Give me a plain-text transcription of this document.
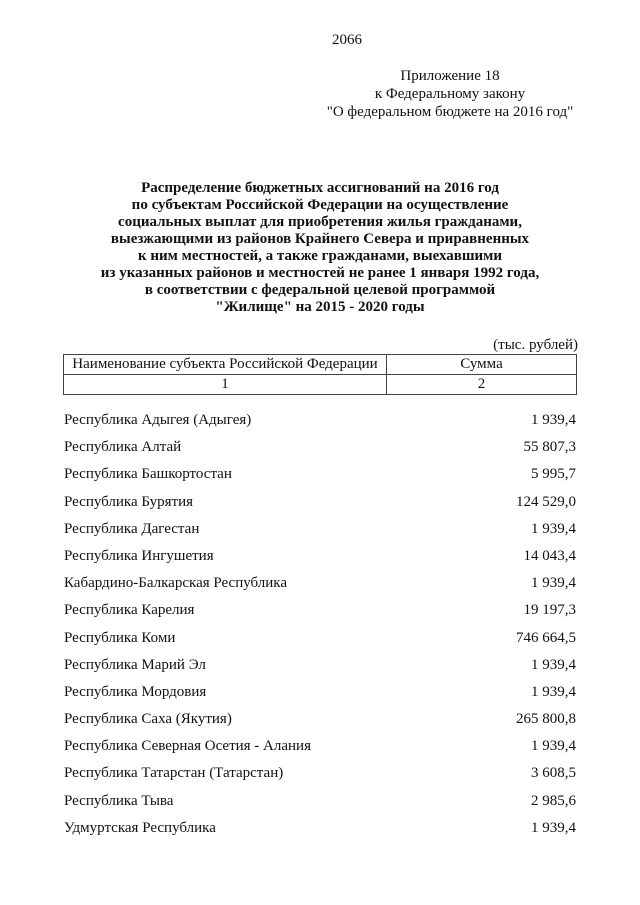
2066
Приложение 18
к Федеральному закону
"О федеральном бюджете на 2016 год"
Распределение бюджетных ассигнований на 2016 год
по субъектам Российской Федерации на осуществление
социальных выплат для приобретения жилья гражданами,
выезжающими из районов Крайнего Севера и приравненных
к ним местностей, а также гражданами, выехавшими
из указанных районов и местностей не ранее 1 января 1992 года,
в соответствии с федеральной целевой программой
"Жилище" на 2015 - 2020 годы
(тыс. рублей)
Наименование субъекта Российской Федерации	Сумма
1	2
Республика Адыгея (Адыгея)	1 939,4
Республика Алтай	55 807,3
Республика Башкортостан	5 995,7
Республика Бурятия	124 529,0
Республика Дагестан	1 939,4
Республика Ингушетия	14 043,4
Кабардино-Балкарская Республика	1 939,4
Республика Карелия	19 197,3
Республика Коми	746 664,5
Республика Марий Эл	1 939,4
Республика Мордовия	1 939,4
Республика Саха (Якутия)	265 800,8
Республика Северная Осетия - Алания	1 939,4
Республика Татарстан (Татарстан)	3 608,5
Республика Тыва	2 985,6
Удмуртская Республика	1 939,4
